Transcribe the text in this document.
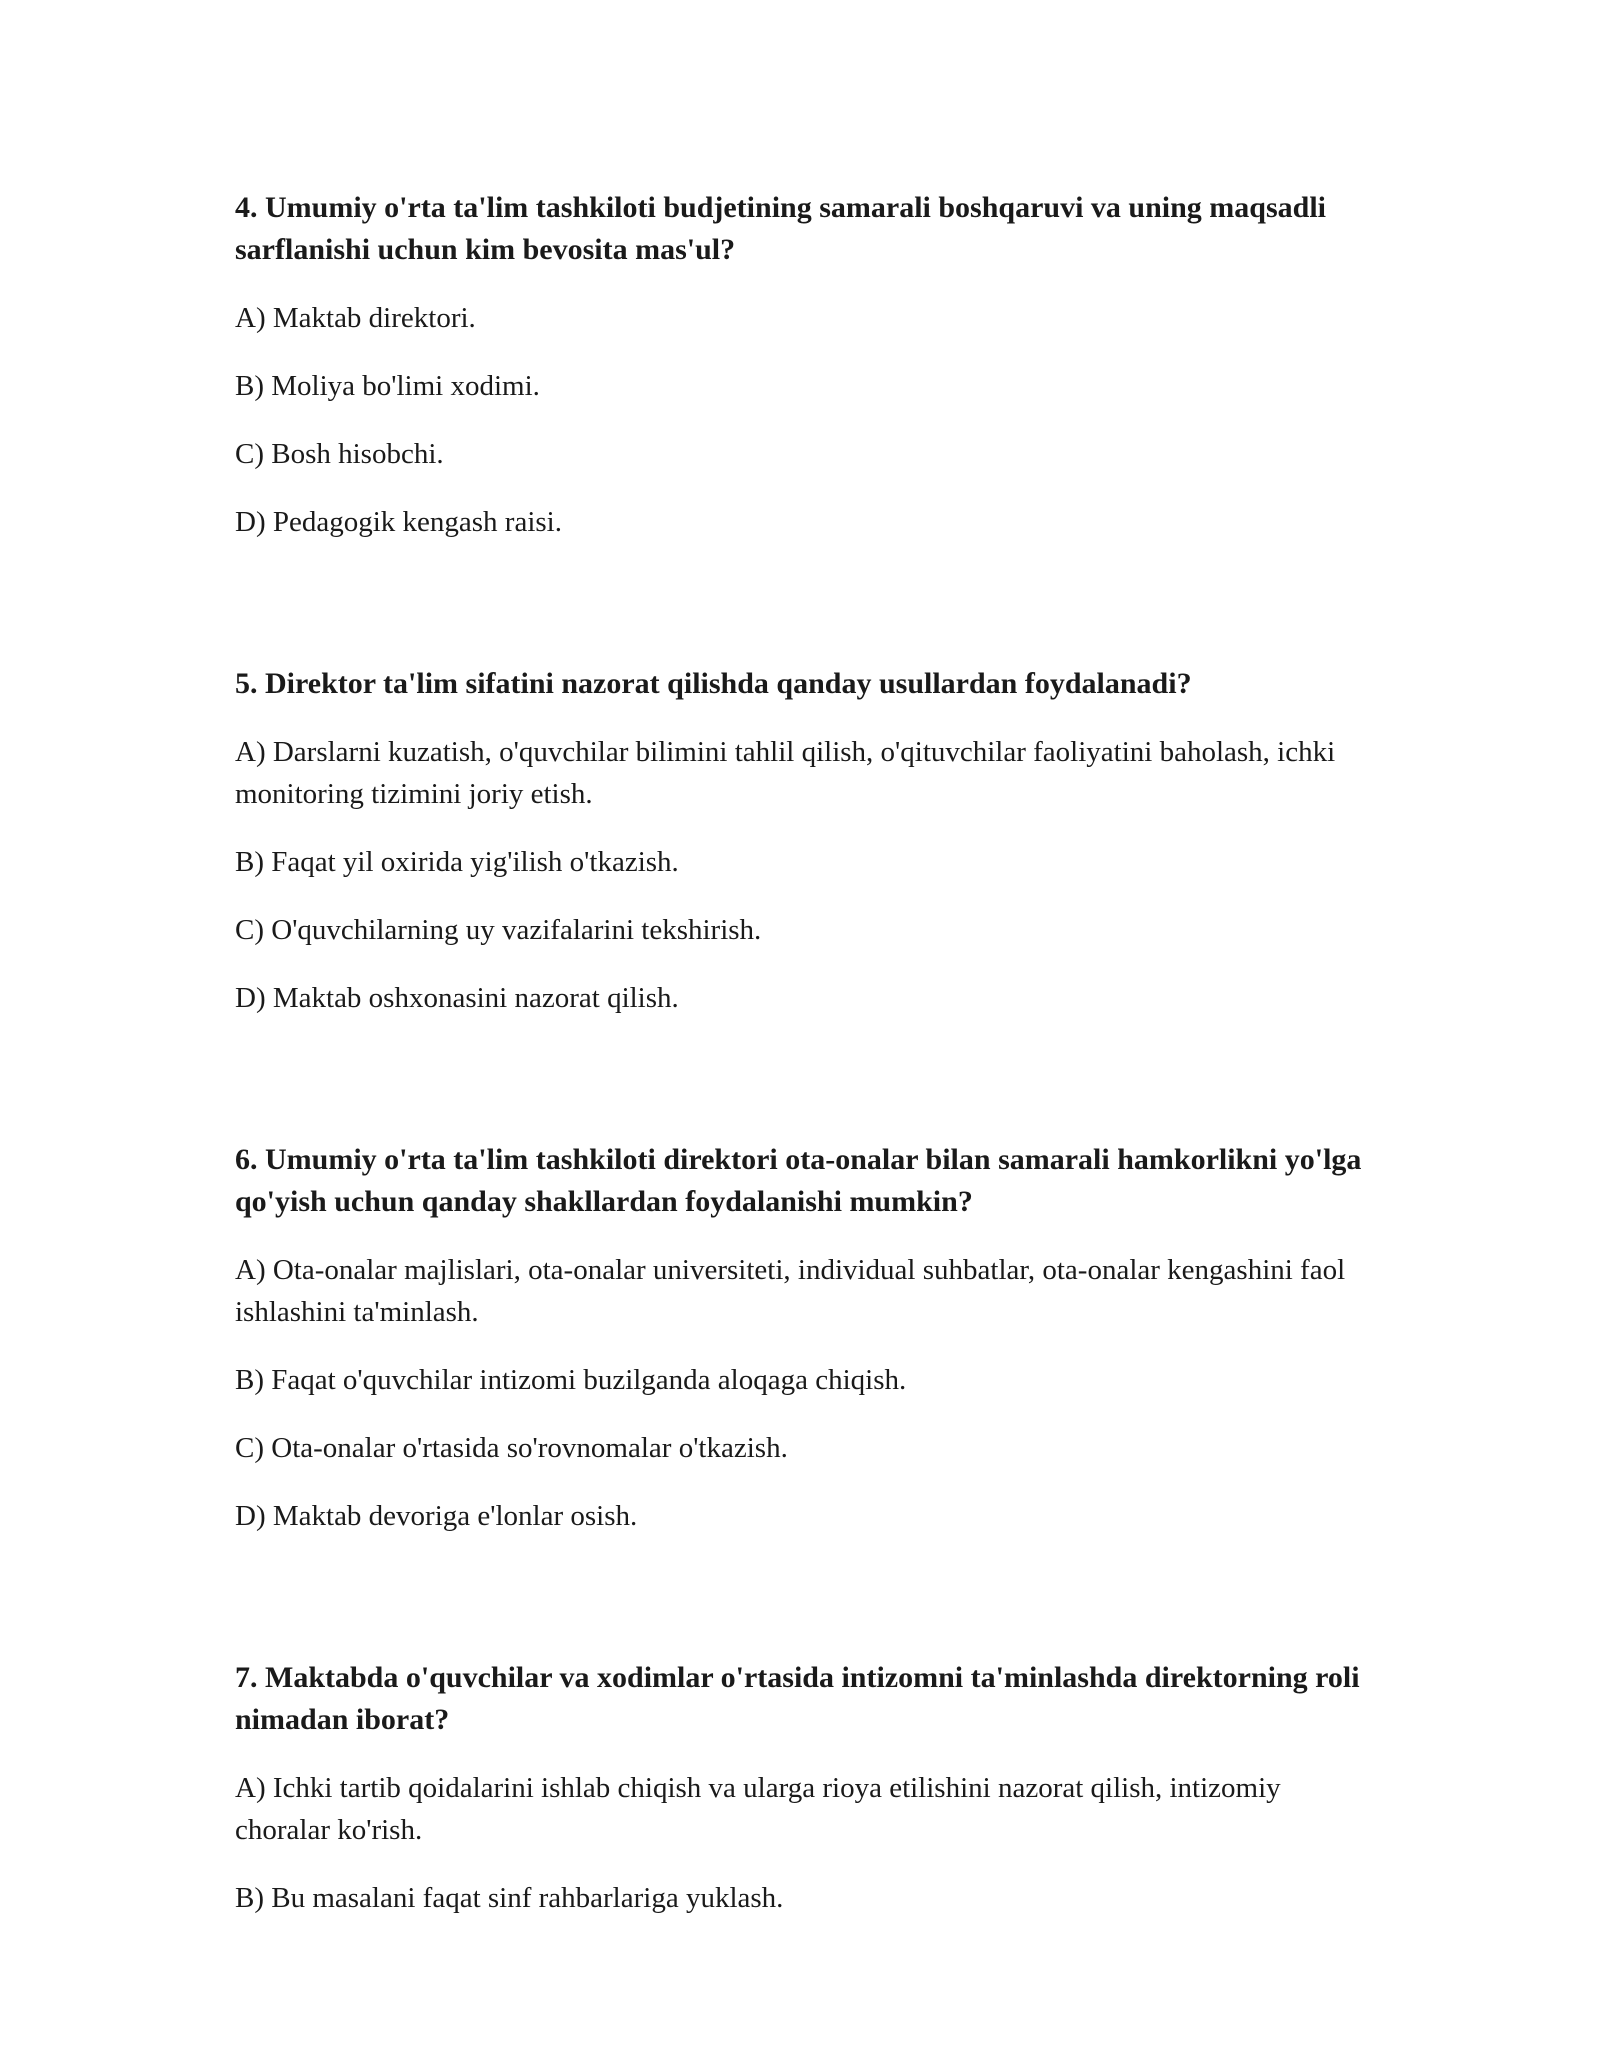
4. Umumiy o'rta ta'lim tashkiloti budjetining samarali boshqaruvi va uning maqsadli sarflanishi uchun kim bevosita mas'ul?

A) Maktab direktori.

B) Moliya bo'limi xodimi.

C) Bosh hisobchi.

D) Pedagogik kengash raisi.

5. Direktor ta'lim sifatini nazorat qilishda qanday usullardan foydalanadi?

A) Darslarni kuzatish, o'quvchilar bilimini tahlil qilish, o'qituvchilar faoliyatini baholash, ichki monitoring tizimini joriy etish.

B) Faqat yil oxirida yig'ilish o'tkazish.

C) O'quvchilarning uy vazifalarini tekshirish.

D) Maktab oshxonasini nazorat qilish.

6. Umumiy o'rta ta'lim tashkiloti direktori ota-onalar bilan samarali hamkorlikni yo'lga qo'yish uchun qanday shakllardan foydalanishi mumkin?

A) Ota-onalar majlislari, ota-onalar universiteti, individual suhbatlar, ota-onalar kengashini faol ishlashini ta'minlash.

B) Faqat o'quvchilar intizomi buzilganda aloqaga chiqish.

C) Ota-onalar o'rtasida so'rovnomalar o'tkazish.

D) Maktab devoriga e'lonlar osish.

7. Maktabda o'quvchilar va xodimlar o'rtasida intizomni ta'minlashda direktorning roli nimadan iborat?

A) Ichki tartib qoidalarini ishlab chiqish va ularga rioya etilishini nazorat qilish, intizomiy choralar ko'rish.

B) Bu masalani faqat sinf rahbarlariga yuklash.
